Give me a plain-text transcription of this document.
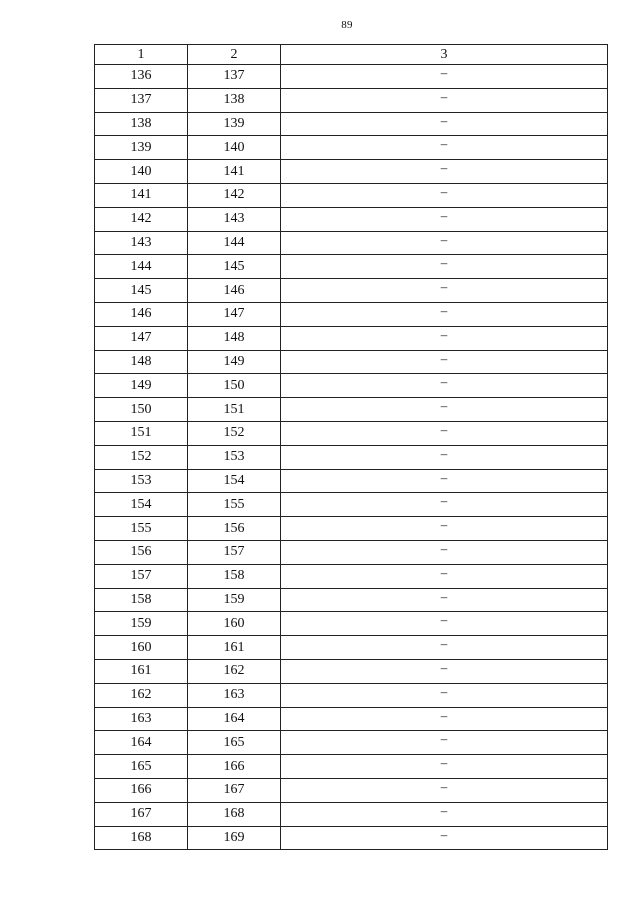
89
1	2	3
136	137	–
137	138	–
138	139	–
139	140	–
140	141	–
141	142	–
142	143	–
143	144	–
144	145	–
145	146	–
146	147	–
147	148	–
148	149	–
149	150	–
150	151	–
151	152	–
152	153	–
153	154	–
154	155	–
155	156	–
156	157	–
157	158	–
158	159	–
159	160	–
160	161	–
161	162	–
162	163	–
163	164	–
164	165	–
165	166	–
166	167	–
167	168	–
168	169	–
